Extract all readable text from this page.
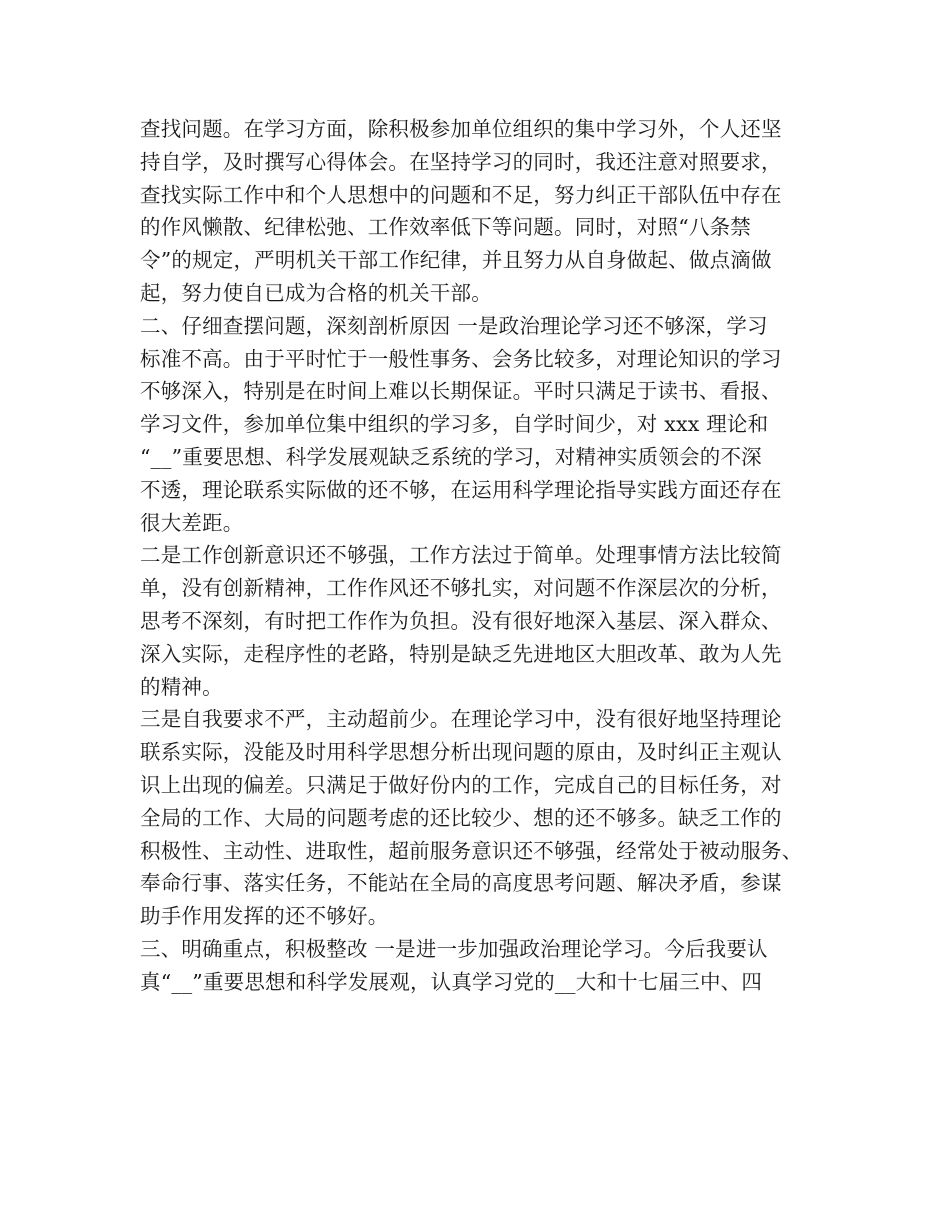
查找问题。在学习方面，除积极参加单位组织的集中学习外，个人还坚
持自学，及时撰写心得体会。在坚持学习的同时，我还注意对照要求，
查找实际工作中和个人思想中的问题和不足，努力纠正干部队伍中存在
的作风懒散、纪律松弛、工作效率低下等问题。同时，对照“八条禁
令”的规定，严明机关干部工作纪律，并且努力从自身做起、做点滴做
起，努力使自已成为合格的机关干部。
二、仔细查摆问题，深刻剖析原因 一是政治理论学习还不够深，学习
标准不高。由于平时忙于一般性事务、会务比较多，对理论知识的学习
不够深入，特别是在时间上难以长期保证。平时只满足于读书、看报、
学习文件，参加单位集中组织的学习多，自学时间少，对 xxx 理论和
“__”重要思想、科学发展观缺乏系统的学习，对精神实质领会的不深
不透，理论联系实际做的还不够，在运用科学理论指导实践方面还存在
很大差距。
二是工作创新意识还不够强，工作方法过于简单。处理事情方法比较简
单，没有创新精神，工作作风还不够扎实，对问题不作深层次的分析，
思考不深刻，有时把工作作为负担。没有很好地深入基层、深入群众、
深入实际，走程序性的老路，特别是缺乏先进地区大胆改革、敢为人先
的精神。
三是自我要求不严，主动超前少。在理论学习中，没有很好地坚持理论
联系实际，没能及时用科学思想分析出现问题的原由，及时纠正主观认
识上出现的偏差。只满足于做好份内的工作，完成自己的目标任务，对
全局的工作、大局的问题考虑的还比较少、想的还不够多。缺乏工作的
积极性、主动性、进取性，超前服务意识还不够强，经常处于被动服务、
奉命行事、落实任务，不能站在全局的高度思考问题、解决矛盾，参谋
助手作用发挥的还不够好。
三、明确重点，积极整改 一是进一步加强政治理论学习。今后我要认
真“__”重要思想和科学发展观，认真学习党的__大和十七届三中、四
